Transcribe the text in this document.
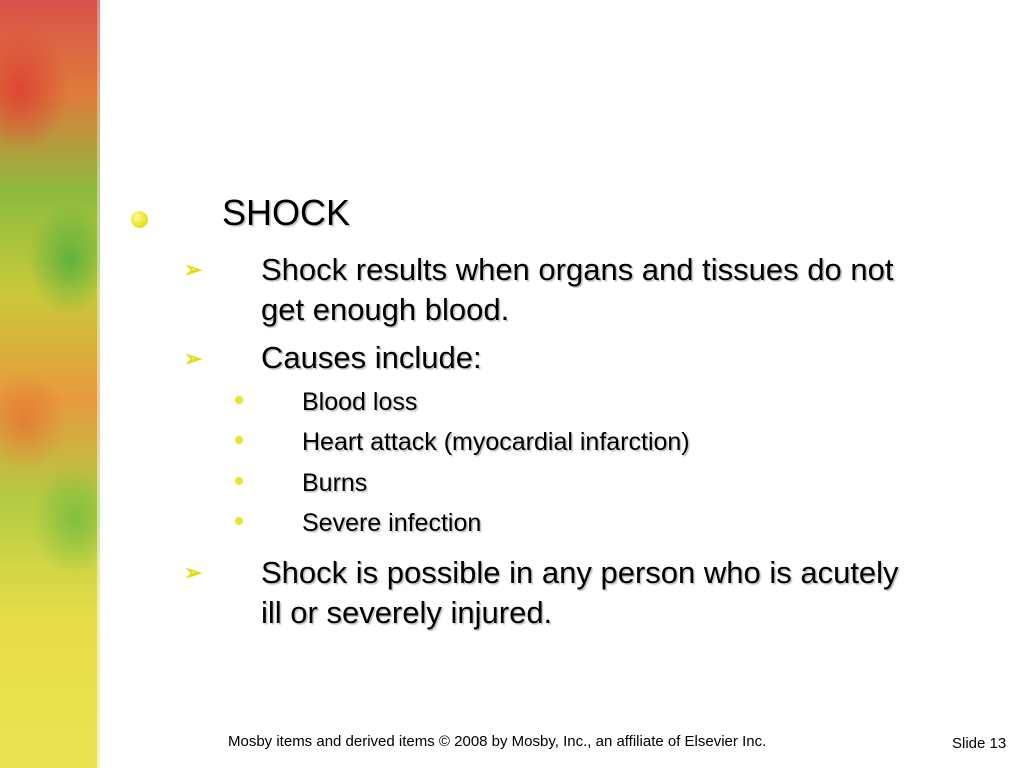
SHOCK
➢ Shock results when organs and tissues do not
get enough blood.
➢ Causes include:
Blood loss
Heart attack (myocardial infarction)
Burns
Severe infection
➢ Shock is possible in any person who is acutely
ill or severely injured.
Mosby items and derived items © 2008 by Mosby, Inc., an affiliate of Elsevier Inc.	Slide 13
